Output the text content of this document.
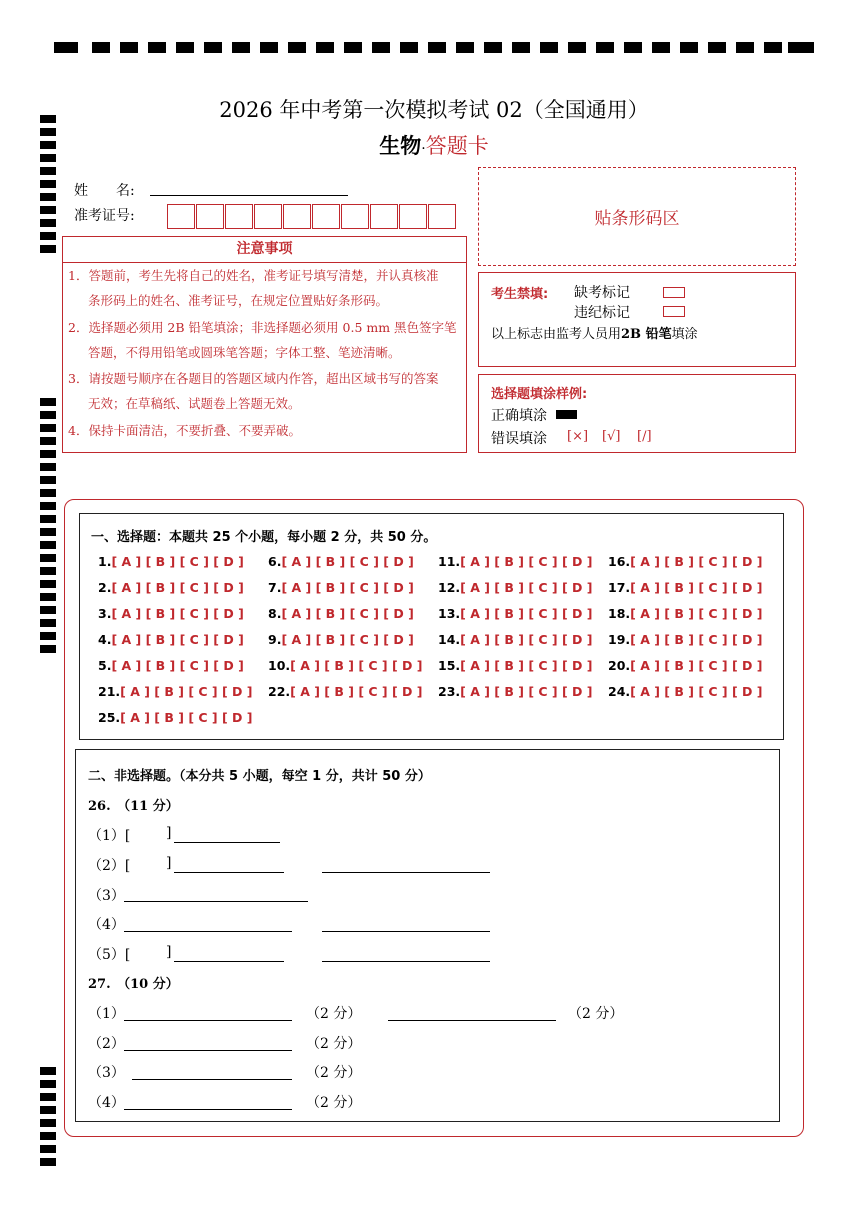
2026 年中考第一次模拟考试 02（全国通用）
生物·答题卡
姓　　名:
准考证号:	贴条形码区
注意事项
1．答题前，考生先将自己的姓名，准考证号填写清楚，并认真核准
条形码上的姓名、准考证号，在规定位置贴好条形码。
2．选择题必须用 2B 铅笔填涂；非选择题必须用 0.5 mm 黑色签字笔
答题，不得用铅笔或圆珠笔答题；字体工整、笔迹清晰。
3．请按题号顺序在各题目的答题区域内作答，超出区域书写的答案
无效；在草稿纸、试题卷上答题无效。
4．保持卡面清洁，不要折叠、不要弄破。
考生禁填: 缺考标记
违纪标记
以上标志由监考人员用2B 铅笔填涂
选择题填涂样例:
正确填涂
错误填涂 [×] [√] [/]
一、选择题：本题共 25 个小题，每小题 2 分，共 50 分。
1.[ A ] [ B ] [ C ] [ D ]
2.[ A ] [ B ] [ C ] [ D ]
3.[ A ] [ B ] [ C ] [ D ]
4.[ A ] [ B ] [ C ] [ D ]
5.[ A ] [ B ] [ C ] [ D ]
6.[ A ] [ B ] [ C ] [ D ]
7.[ A ] [ B ] [ C ] [ D ]
8.[ A ] [ B ] [ C ] [ D ]
9.[ A ] [ B ] [ C ] [ D ]
10.[ A ] [ B ] [ C ] [ D ]
11.[ A ] [ B ] [ C ] [ D ]
12.[ A ] [ B ] [ C ] [ D ]
13.[ A ] [ B ] [ C ] [ D ]
14.[ A ] [ B ] [ C ] [ D ]
15.[ A ] [ B ] [ C ] [ D ]
16.[ A ] [ B ] [ C ] [ D ]
17.[ A ] [ B ] [ C ] [ D ]
18.[ A ] [ B ] [ C ] [ D ]
19.[ A ] [ B ] [ C ] [ D ]
20.[ A ] [ B ] [ C ] [ D ]
21.[ A ] [ B ] [ C ] [ D ] 22.[ A ] [ B ] [ C ] [ D ] 23.[ A ] [ B ] [ C ] [ D ] 24.[ A ] [ B ] [ C ] [ D ]
25.[ A ] [ B ] [ C ] [ D ]
二、非选择题。（本分共 5 小题，每空 1 分，共计 50 分）
26.　（11 分）
（1）[	]
（2）[	]
（3）
（4）
（5）[	]
27.　（10 分）
（1）	（2 分）	（2 分）
（2）	（2 分）
（3）	（2 分）
（4）	（2 分）
